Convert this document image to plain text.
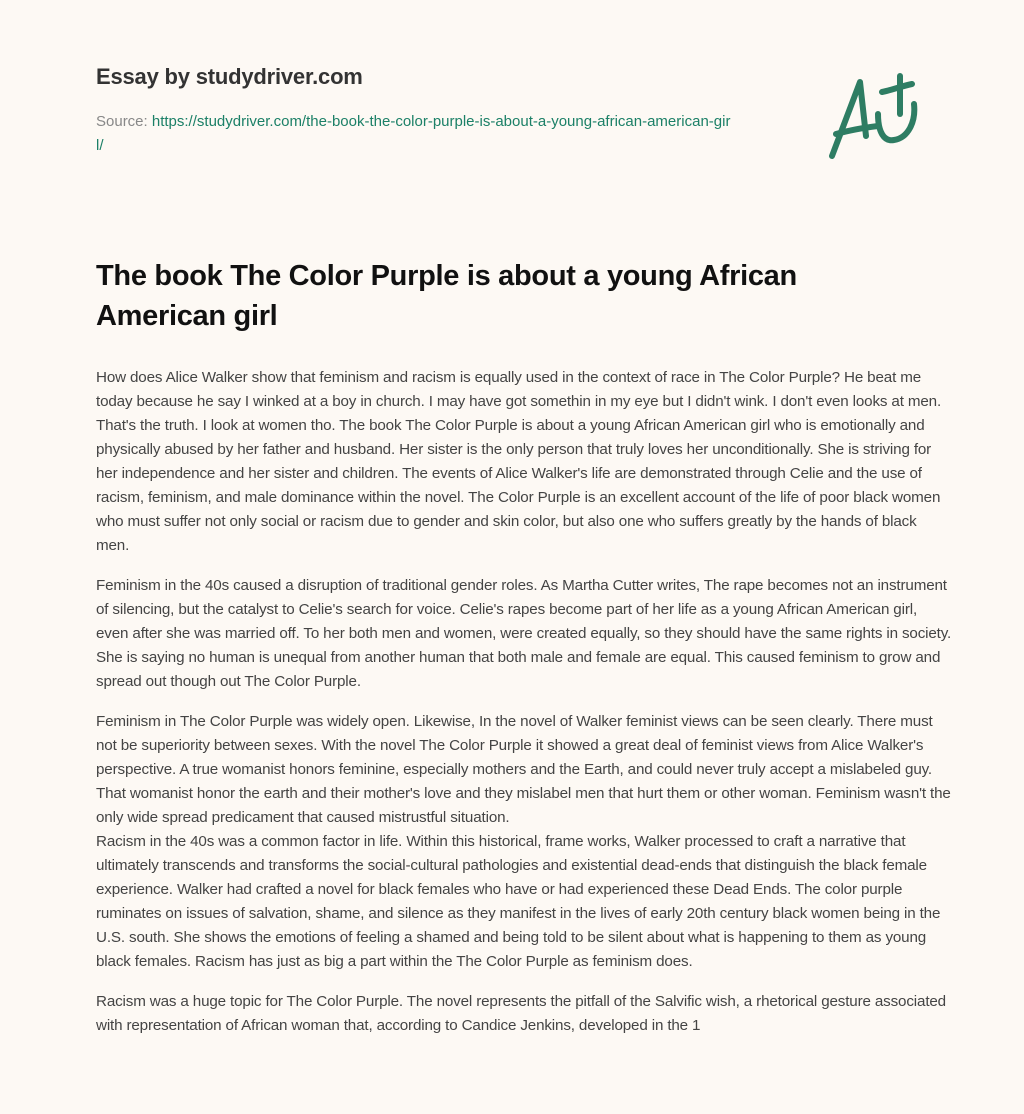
Essay by studydriver.com
Source: https://studydriver.com/the-book-the-color-purple-is-about-a-young-african-american-girl/
The book The Color Purple is about a young African American girl

How does Alice Walker show that feminism and racism is equally used in the context of race in The Color Purple? He beat me today because he say I winked at a boy in church. I may have got somethin in my eye but I didn't wink. I don't even looks at men. That's the truth. I look at women tho. The book The Color Purple is about a young African American girl who is emotionally and physically abused by her father and husband. Her sister is the only person that truly loves her unconditionally. She is striving for her independence and her sister and children. The events of Alice Walker's life are demonstrated through Celie and the use of racism, feminism, and male dominance within the novel. The Color Purple is an excellent account of the life of poor black women who must suffer not only social or racism due to gender and skin color, but also one who suffers greatly by the hands of black men.

Feminism in the 40s caused a disruption of traditional gender roles. As Martha Cutter writes, The rape becomes not an instrument of silencing, but the catalyst to Celie's search for voice. Celie's rapes become part of her life as a young African American girl, even after she was married off. To her both men and women, were created equally, so they should have the same rights in society. She is saying no human is unequal from another human that both male and female are equal. This caused feminism to grow and spread out though out The Color Purple.

Feminism in The Color Purple was widely open. Likewise, In the novel of Walker feminist views can be seen clearly. There must not be superiority between sexes. With the novel The Color Purple it showed a great deal of feminist views from Alice Walker's perspective. A true womanist honors feminine, especially mothers and the Earth, and could never truly accept a mislabeled guy. That womanist honor the earth and their mother's love and they mislabel men that hurt them or other woman. Feminism wasn't the only wide spread predicament that caused mistrustful situation.

Racism in the 40s was a common factor in life. Within this historical, frame works, Walker processed to craft a narrative that ultimately transcends and transforms the social-cultural pathologies and existential dead-ends that distinguish the black female experience. Walker had crafted a novel for black females who have or had experienced these Dead Ends. The color purple ruminates on issues of salvation, shame, and silence as they manifest in the lives of early 20th century black women being in the U.S. south. She shows the emotions of feeling a shamed and being told to be silent about what is happening to them as young black females. Racism has just as big a part within the The Color Purple as feminism does.

Racism was a huge topic for The Color Purple. The novel represents the pitfall of the Salvific wish, a rhetorical gesture associated with representation of African woman that, according to Candice Jenkins, developed in the 1
